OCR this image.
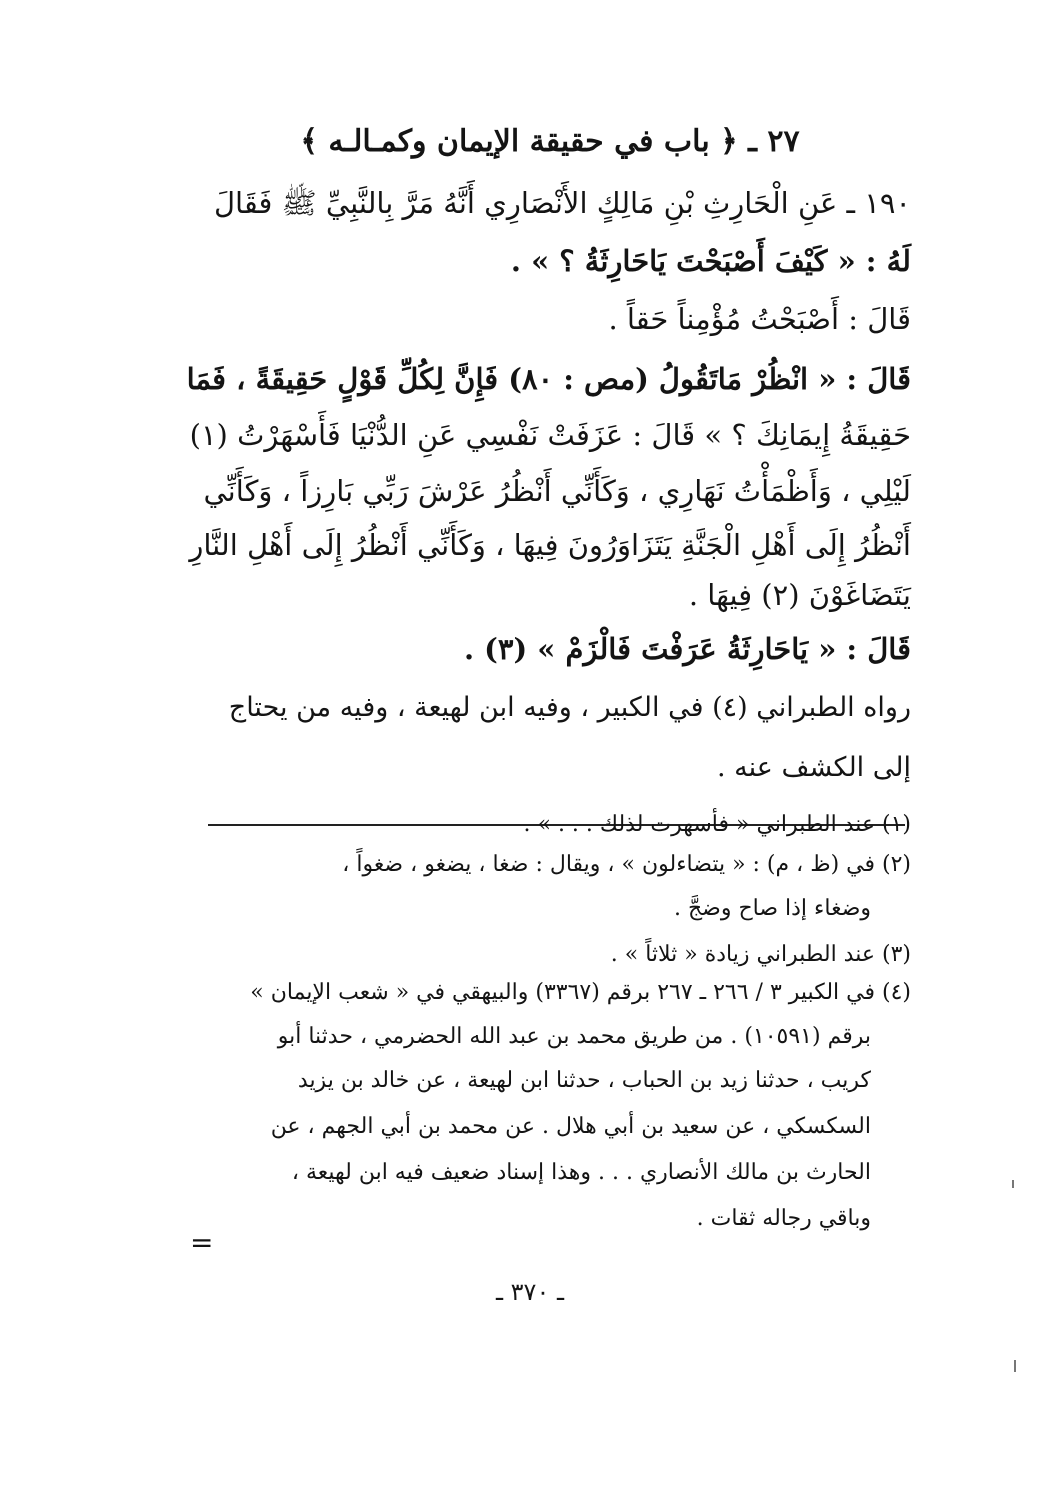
٢٧ ـ ﴿ باب في حقيقة الإيمان وكمـالـه ﴾
١٩٠ ـ عَنِ الْحَارِثِ بْنِ مَالِكٍ الأَنْصَارِي أَنَّهُ مَرَّ بِالنَّبِيِّ ﷺ فَقَالَ
لَهُ : « كَيْفَ أَصْبَحْتَ يَاحَارِثَةُ ؟ » .
قَالَ : أَصْبَحْتُ مُؤْمِناً حَقاً .
قَالَ : « انْظُرْ مَاتَقُولُ (مص : ٨٠) فَإِنَّ لِكُلِّ قَوْلٍ حَقِيقَةً ، فَمَا
حَقِيقَةُ إِيمَانِكَ ؟ » قَالَ : عَزَفَتْ نَفْسِي عَنِ الدُّنْيَا فَأَسْهَرْتُ (١)
لَيْلِي ، وَأَظْمَأْتُ نَهَارِي ، وَكَأَنِّي أَنْظُرُ عَرْشَ رَبِّي بَارِزاً ، وَكَأَنِّي
أَنْظُرُ إِلَى أَهْلِ الْجَنَّةِ يَتَزَاوَرُونَ فِيهَا ، وَكَأَنِّي أَنْظُرُ إِلَى أَهْلِ النَّارِ
يَتَضَاغَوْنَ (٢) فِيهَا .
قَالَ : « يَاحَارِثَةُ عَرَفْتَ فَالْزَمْ » (٣) .
رواه الطبراني (٤) في الكبير ، وفيه ابن لهيعة ، وفيه من يحتاج
إلى الكشف عنه .
(١) عند الطبراني « فأسهرت لذلك . . . » .
(٢) في (ظ ، م) : « يتضاءلون » ، ويقال : ضغا ، يضغو ، ضغواً ،
وضغاء إذا صاح وضجَّ .
(٣) عند الطبراني زيادة « ثلاثاً » .
(٤) في الكبير ٣ / ٢٦٦ ـ ٢٦٧ برقم (٣٣٦٧) والبيهقي في « شعب الإيمان »
برقم (١٠٥٩١) . من طريق محمد بن عبد الله الحضرمي ، حدثنا أبو
كريب ، حدثنا زيد بن الحباب ، حدثنا ابن لهيعة ، عن خالد بن يزيد
السكسكي ، عن سعيد بن أبي هلال . عن محمد بن أبي الجهم ، عن
الحارث بن مالك الأنصاري . . . وهذا إسناد ضعيف فيه ابن لهيعة ،
وباقي رجاله ثقات .
=
ـ ٣٧٠ ـ
